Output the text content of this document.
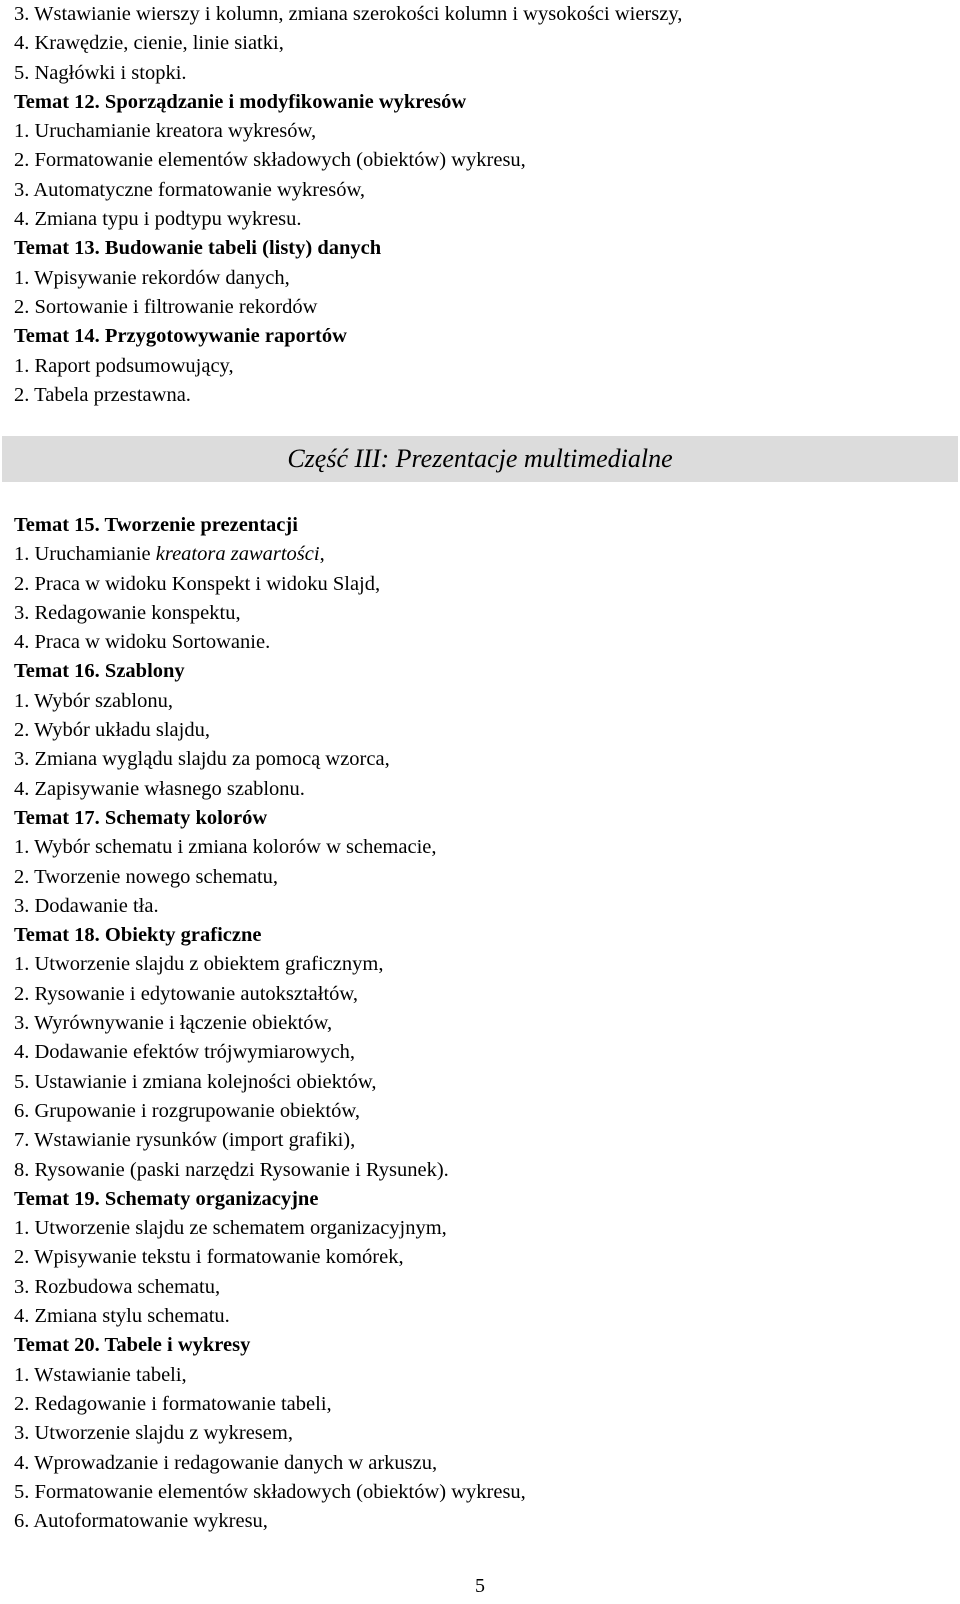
3. Wstawianie wierszy i kolumn, zmiana szerokości kolumn i wysokości wierszy,
4. Krawędzie, cienie, linie siatki,
5. Nagłówki i stopki.
Temat 12. Sporządzanie i modyfikowanie wykresów
1. Uruchamianie kreatora wykresów,
2. Formatowanie elementów składowych (obiektów) wykresu,
3. Automatyczne formatowanie wykresów,
4. Zmiana typu i podtypu wykresu.
Temat 13. Budowanie tabeli (listy) danych
1. Wpisywanie rekordów danych,
2. Sortowanie i filtrowanie rekordów
Temat 14. Przygotowywanie raportów
1. Raport podsumowujący,
2. Tabela przestawna.
Część III: Prezentacje multimedialne
Temat 15. Tworzenie prezentacji
1. Uruchamianie kreatora zawartości,
2. Praca w widoku Konspekt i widoku Slajd,
3. Redagowanie konspektu,
4. Praca w widoku Sortowanie.
Temat 16. Szablony
1. Wybór szablonu,
2. Wybór układu slajdu,
3. Zmiana wyglądu slajdu za pomocą wzorca,
4. Zapisywanie własnego szablonu.
Temat 17. Schematy kolorów
1. Wybór schematu i zmiana kolorów w schemacie,
2. Tworzenie nowego schematu,
3. Dodawanie tła.
Temat 18. Obiekty graficzne
1. Utworzenie slajdu z obiektem graficznym,
2. Rysowanie i edytowanie autokształtów,
3. Wyrównywanie i łączenie obiektów,
4. Dodawanie efektów trójwymiarowych,
5. Ustawianie i zmiana kolejności obiektów,
6. Grupowanie i rozgrupowanie obiektów,
7. Wstawianie rysunków (import grafiki),
8. Rysowanie (paski narzędzi Rysowanie i Rysunek).
Temat 19. Schematy organizacyjne
1. Utworzenie slajdu ze schematem organizacyjnym,
2. Wpisywanie tekstu i formatowanie komórek,
3. Rozbudowa schematu,
4. Zmiana stylu schematu.
Temat 20. Tabele i wykresy
1. Wstawianie tabeli,
2. Redagowanie i formatowanie tabeli,
3. Utworzenie slajdu z wykresem,
4. Wprowadzanie i redagowanie danych w arkuszu,
5. Formatowanie elementów składowych (obiektów) wykresu,
6. Autoformatowanie wykresu,
5
